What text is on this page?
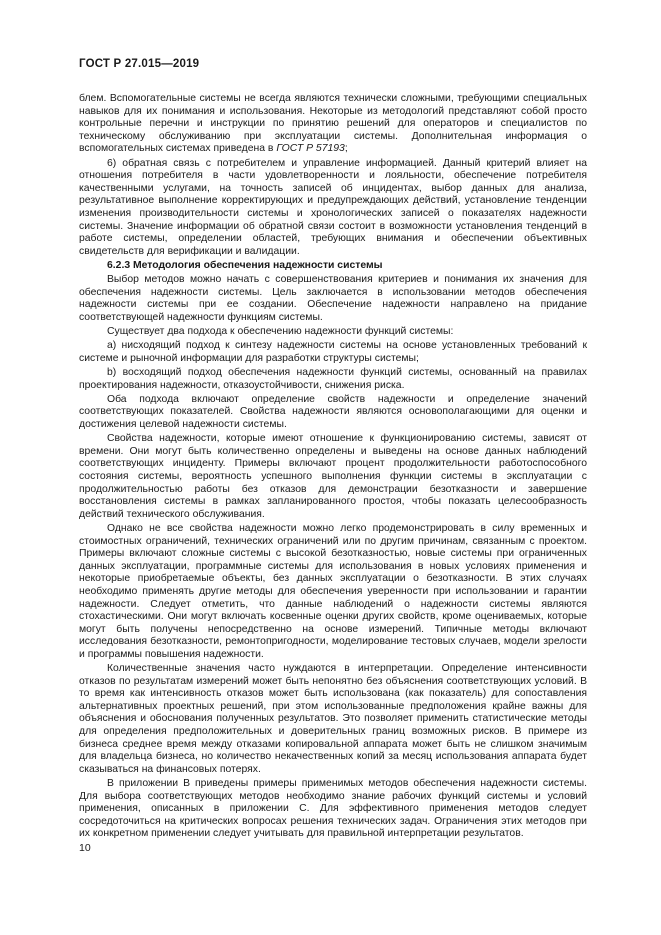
ГОСТ Р 27.015—2019

блем. Вспомогательные системы не всегда являются технически сложными, требующими специальных навыков для их понимания и использования. Некоторые из методологий представляют собой просто контрольные перечни и инструкции по принятию решений для операторов и специалистов по техническому обслуживанию при эксплуатации системы. Дополнительная информация о вспомогательных системах приведена в ГОСТ Р 57193;

6) обратная связь с потребителем и управление информацией. Данный критерий влияет на отношения потребителя в части удовлетворенности и лояльности, обеспечение потребителя качественными услугами, на точность записей об инцидентах, выбор данных для анализа, результативное выполнение корректирующих и предупреждающих действий, установление тенденции изменения производительности системы и хронологических записей о показателях надежности системы. Значение информации об обратной связи состоит в возможности установления тенденций в работе системы, определении областей, требующих внимания и обеспечении объективных свидетельств для верификации и валидации.

6.2.3 Методология обеспечения надежности системы

Выбор методов можно начать с совершенствования критериев и понимания их значения для обеспечения надежности системы. Цель заключается в использовании методов обеспечения надежности системы при ее создании. Обеспечение надежности направлено на придание соответствующей надежности функциям системы.

Существует два подхода к обеспечению надежности функций системы:

a) нисходящий подход к синтезу надежности системы на основе установленных требований к системе и рыночной информации для разработки структуры системы;

b) восходящий подход обеспечения надежности функций системы, основанный на правилах проектирования надежности, отказоустойчивости, снижения риска.

Оба подхода включают определение свойств надежности и определение значений соответствующих показателей. Свойства надежности являются основополагающими для оценки и достижения целевой надежности системы.

Свойства надежности, которые имеют отношение к функционированию системы, зависят от времени. Они могут быть количественно определены и выведены на основе данных наблюдений соответствующих инциденту. Примеры включают процент продолжительности работоспособного состояния системы, вероятность успешного выполнения функции системы в эксплуатации с продолжительностью работы без отказов для демонстрации безотказности и завершение восстановления системы в рамках запланированного простоя, чтобы показать целесообразность действий технического обслуживания.

Однако не все свойства надежности можно легко продемонстрировать в силу временных и стоимостных ограничений, технических ограничений или по другим причинам, связанным с проектом. Примеры включают сложные системы с высокой безотказностью, новые системы при ограниченных данных эксплуатации, программные системы для использования в новых условиях применения и некоторые приобретаемые объекты, без данных эксплуатации о безотказности. В этих случаях необходимо применять другие методы для обеспечения уверенности при использовании и гарантии надежности. Следует отметить, что данные наблюдений о надежности системы являются стохастическими. Они могут включать косвенные оценки других свойств, кроме оцениваемых, которые могут быть получены непосредственно на основе измерений. Типичные методы включают исследования безотказности, ремонтопригодности, моделирование тестовых случаев, модели зрелости и программы повышения надежности.

Количественные значения часто нуждаются в интерпретации. Определение интенсивности отказов по результатам измерений может быть непонятно без объяснения соответствующих условий. В то время как интенсивность отказов может быть использована (как показатель) для сопоставления альтернативных проектных решений, при этом использованные предположения крайне важны для объяснения и обоснования полученных результатов. Это позволяет применить статистические методы для определения предположительных и доверительных границ возможных рисков. В примере из бизнеса среднее время между отказами копировальной аппарата может быть не слишком значимым для владельца бизнеса, но количество некачественных копий за месяц использования аппарата будет сказываться на финансовых потерях.

В приложении В приведены примеры применимых методов обеспечения надежности системы. Для выбора соответствующих методов необходимо знание рабочих функций системы и условий применения, описанных в приложении С. Для эффективного применения методов следует сосредоточиться на критических вопросах решения технических задач. Ограничения этих методов при их конкретном применении следует учитывать для правильной интерпретации результатов.

10
